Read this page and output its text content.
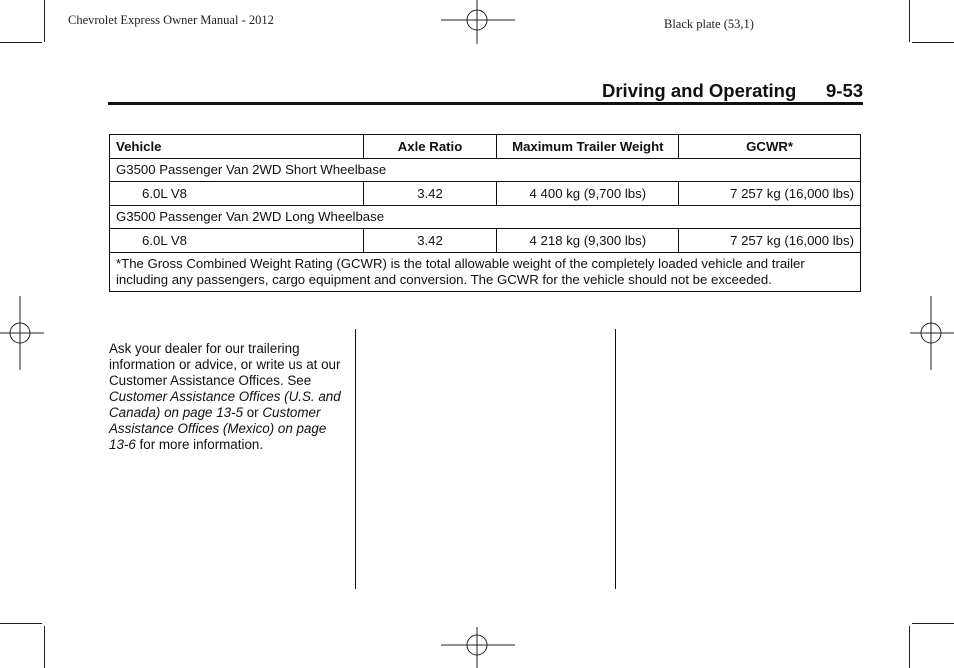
Chevrolet Express Owner Manual - 2012	Black plate (53,1)
Driving and Operating 9-53
Vehicle	Axle Ratio	Maximum Trailer Weight	GCWR*
G3500 Passenger Van 2WD Short Wheelbase			
6.0L V8	3.42	4 400 kg (9,700 lbs)	7 257 kg (16,000 lbs)
G3500 Passenger Van 2WD Long Wheelbase			
6.0L V8	3.42	4 218 kg (9,300 lbs)	7 257 kg (16,000 lbs)
*The Gross Combined Weight Rating (GCWR) is the total allowable weight of the completely loaded vehicle and trailer including any passengers, cargo equipment and conversion. The GCWR for the vehicle should not be exceeded.			

Ask your dealer for our trailering information or advice, or write us at our Customer Assistance Offices. See Customer Assistance Offices (U.S. and Canada) on page 13-5 or Customer Assistance Offices (Mexico) on page 13-6 for more information.
